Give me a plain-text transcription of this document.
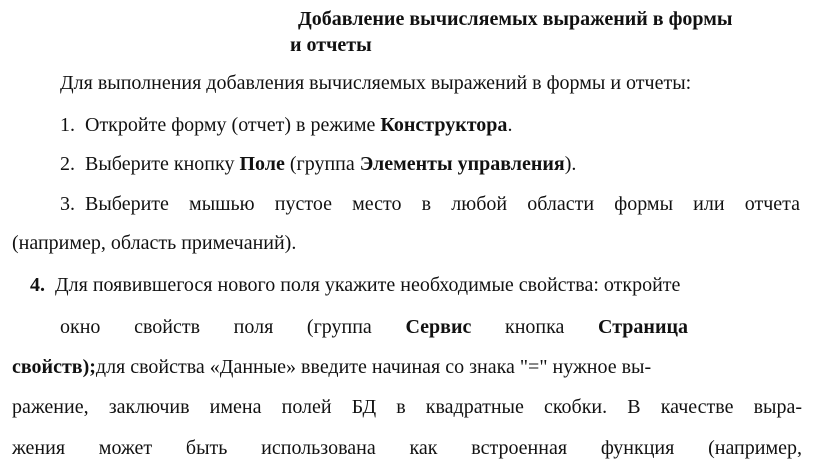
Добавление вычисляемых выражений в формы
и отчеты
Для выполнения добавления вычисляемых выражений в формы и отчеты:
1. Откройте форму (отчет) в режиме Конструктора.
2. Выберите кнопку Поле (группа Элементы управления).
3. Выберите мышью пустое место в любой области формы или отчета
(например, область примечаний).
4. Для появившегося нового поля укажите необходимые свойства: откройте
окно свойств поля (группа Сервис кнопка Страница
свойств);для свойства «Данные» введите начиная со знака "=" нужное вы-
ражение, заключив имена полей БД в квадратные скобки. В качестве выра-
жения может быть использована как встроенная функция (например,
